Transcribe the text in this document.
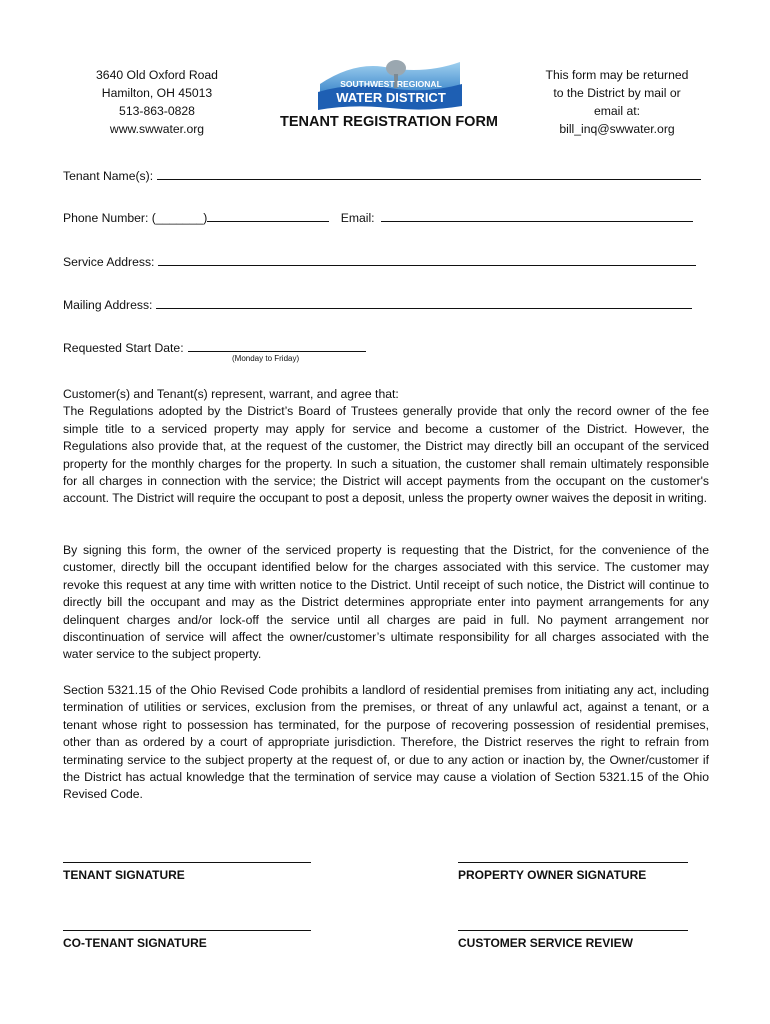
3640 Old Oxford Road
Hamilton, OH 45013
513-863-0828
www.swwater.org
SOUTHWEST REGIONAL
WATER DISTRICT
TENANT REGISTRATION FORM
This form may be returned
to the District by mail or
email at:
bill_inq@swwater.org
Tenant Name(s):
Phone Number: (_______)	Email:
Service Address:
Mailing Address:
Requested Start Date:
(Monday to Friday)
Customer(s) and Tenant(s) represent, warrant, and agree that:
The Regulations adopted by the District’s Board of Trustees generally provide that only the record owner of the fee simple title to a serviced property may apply for service and become a customer of the District. However, the Regulations also provide that, at the request of the customer, the District may directly bill an occupant of the serviced property for the monthly charges for the property. In such a situation, the customer shall remain ultimately responsible for all charges in connection with the service; the District will accept payments from the occupant on the customer's account. The District will require the occupant to post a deposit, unless the property owner waives the deposit in writing.
By signing this form, the owner of the serviced property is requesting that the District, for the convenience of the customer, directly bill the occupant identified below for the charges associated with this service. The customer may revoke this request at any time with written notice to the District. Until receipt of such notice, the District will continue to directly bill the occupant and may as the District determines appropriate enter into payment arrangements for any delinquent charges and/or lock-off the service until all charges are paid in full. No payment arrangement nor discontinuation of service will affect the owner/customer’s ultimate responsibility for all charges associated with the water service to the subject property.
Section 5321.15 of the Ohio Revised Code prohibits a landlord of residential premises from initiating any act, including termination of utilities or services, exclusion from the premises, or threat of any unlawful act, against a tenant, or a tenant whose right to possession has terminated, for the purpose of recovering possession of residential premises, other than as ordered by a court of appropriate jurisdiction. Therefore, the District reserves the right to refrain from terminating service to the subject property at the request of, or due to any action or inaction by, the Owner/customer if the District has actual knowledge that the termination of service may cause a violation of Section 5321.15 of the Ohio Revised Code.
TENANT SIGNATURE	PROPERTY OWNER SIGNATURE
CO-TENANT SIGNATURE	CUSTOMER SERVICE REVIEW
